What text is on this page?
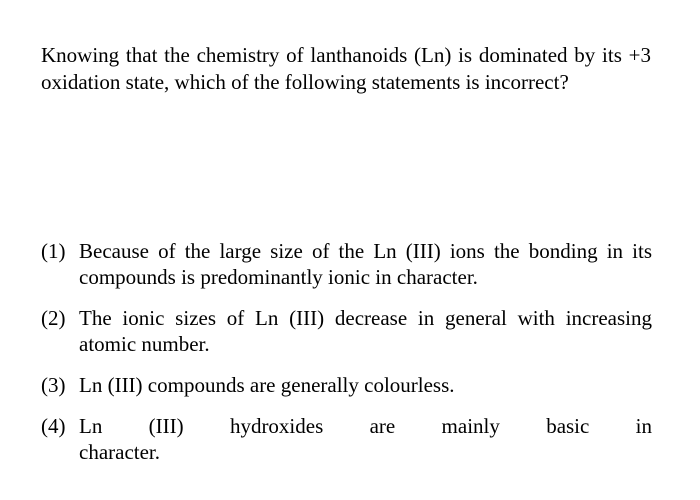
Knowing that the chemistry of lanthanoids (Ln) is dominated by its +3 oxidation state, which of the following statements is incorrect?

(1) Because of the large size of the Ln (III) ions the bonding in its compounds is predominantly ionic in character.
(2) The ionic sizes of Ln (III) decrease in general with increasing atomic number.
(3) Ln (III) compounds are generally colourless.
(4) Ln (III) hydroxides are mainly basic in
character.
